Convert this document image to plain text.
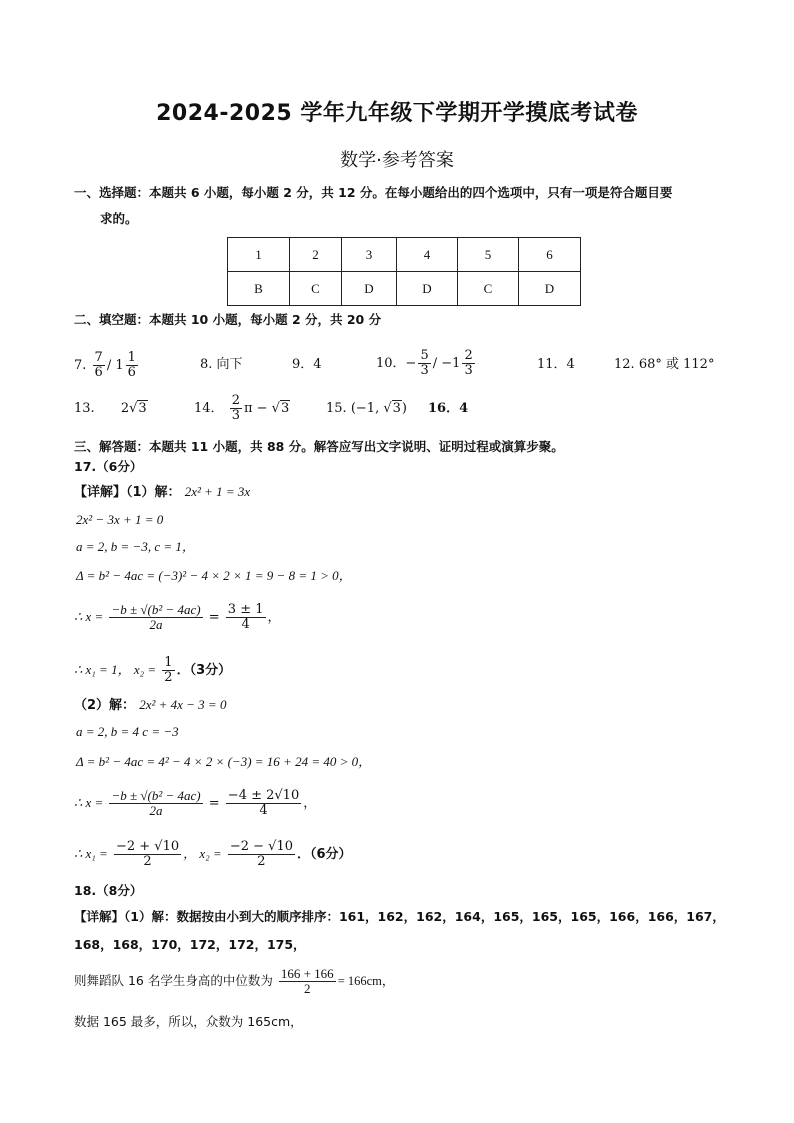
2024-2025 学年九年级下学期开学摸底考试卷
数学·参考答案
一、选择题：本题共 6 小题，每小题 2 分，共 12 分。在每小题给出的四个选项中，只有一项是符合题目要
求的。
1	2	3	4	5	6
B	C	D	D	C	D
二、填空题：本题共 10 小题，每小题 2 分，共 20 分
7. $\frac{7}{6} / 1 \frac{1}{6}$	8. 向下	9．4	10．− $\frac{5}{3} / -1 \frac{2}{3}$	11．4	12. 68° 或 112°
13. 2√3	14． $\frac{2}{3}$ π − √3	15. (−1, √3) 16．4
三、解答题：本题共 11 小题，共 88 分。解答应写出文字说明、证明过程或演算步聚。
17.（6分）
【详解】（1）解： 2x² + 1 = 3x
2x² − 3x + 1 = 0
a = 2, b = −3, c = 1，
Δ = b² − 4ac = (−3)² − 4 × 2 × 1 = 9 − 8 = 1 > 0，
∴ $x = \frac{\text{−b ± √(b² − 4ac)}}{2a} = \frac{3 \pm 1}{4}$ ，
∴ x₁ = 1， $x_2 = \frac{1}{2}$ ．（3分）
（2）解： 2x² + 4x − 3 = 0
a = 2, b = 4 c = −3
Δ = b² − 4ac = 4² − 4 × 2 × (−3) = 16 + 24 = 40 > 0，
∴ $x = \frac{\text{−b ± √(b² − 4ac)}}{2a} = \frac{-4 \pm 2√10}{4}$ ，
∴ $x_1 = \frac{-2 + √10}{2}$ ， $x_2 = \frac{-2 - √10}{2}$ ．（6分）
18.（8分）
【详解】（1）解：数据按由小到大的顺序排序：161，162，162，164，165，165，165，166，166，167，
168，168，170，172，172，175，
则舞蹈队 16 名学生身高的中位数为 $\frac{166 + 166}{2} = 166cm$，
数据 165 最多，所以，众数为 165cm，
